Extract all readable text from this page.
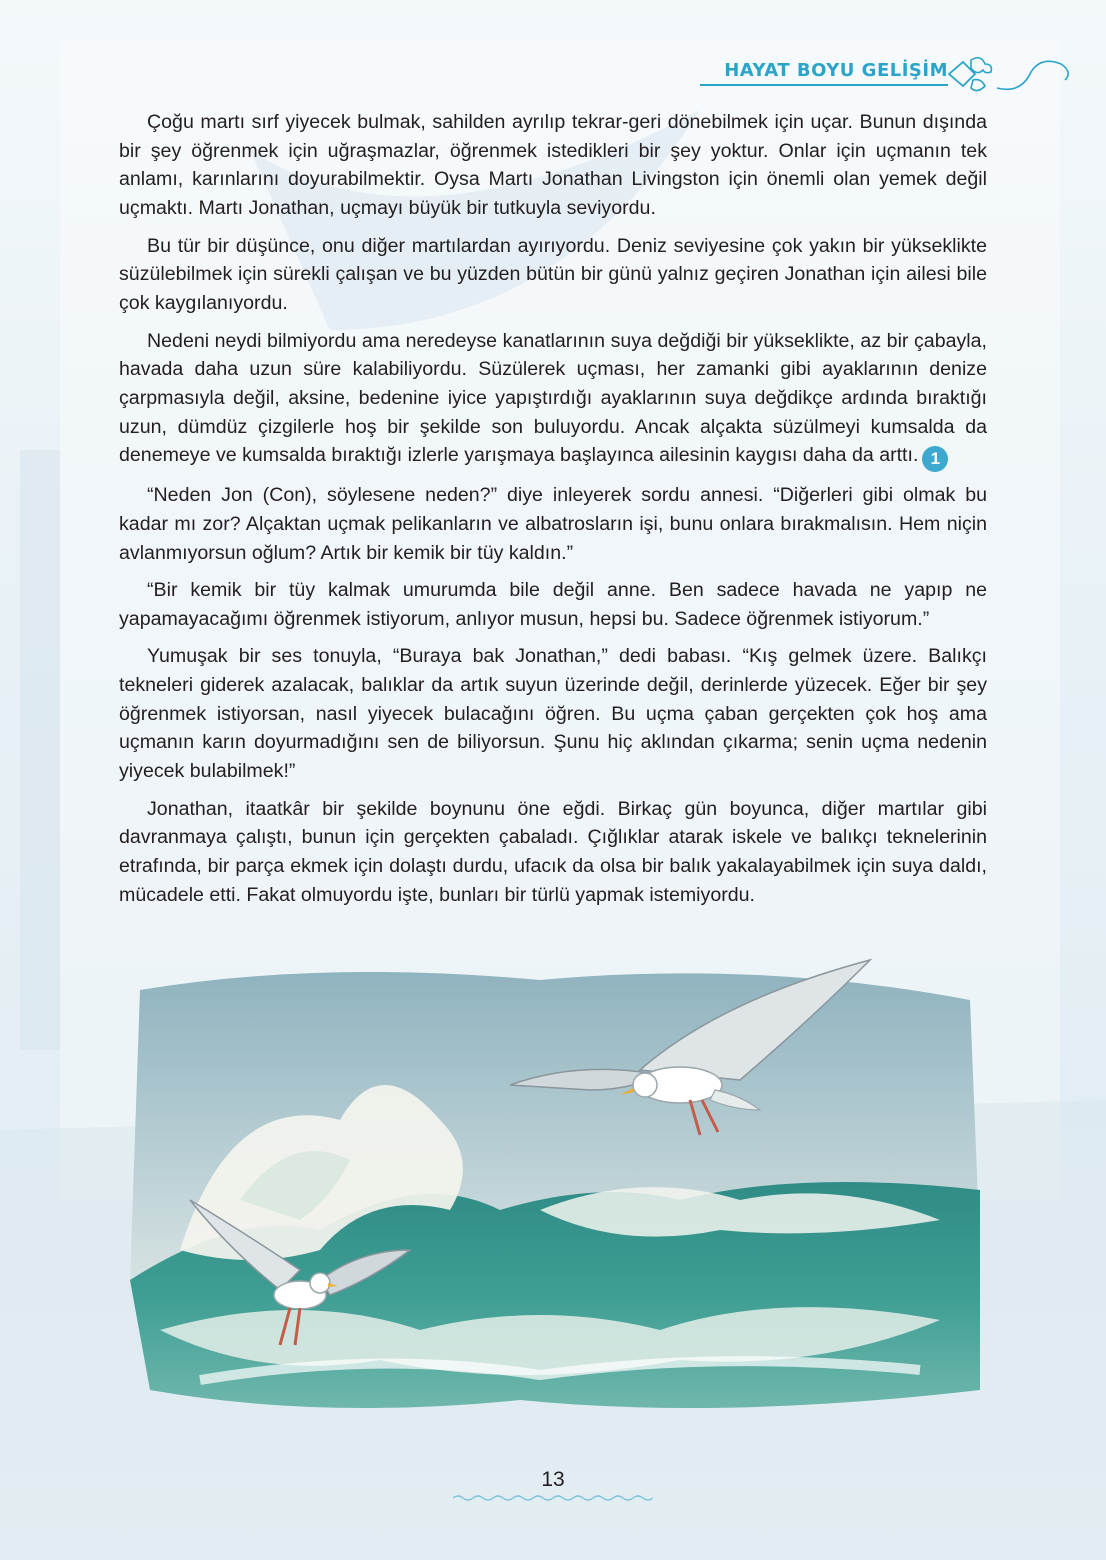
HAYAT BOYU GELİŞİM

Çoğu martı sırf yiyecek bulmak, sahilden ayrılıp tekrar-geri dönebilmek için uçar. Bunun dışında bir şey öğrenmek için uğraşmazlar, öğrenmek istedikleri bir şey yoktur. Onlar için uçmanın tek anlamı, karınlarını doyurabilmektir. Oysa Martı Jonathan Livingston için önemli olan yemek değil uçmaktı. Martı Jonathan, uçmayı büyük bir tutkuyla seviyordu.

Bu tür bir düşünce, onu diğer martılardan ayırıyordu. Deniz seviyesine çok yakın bir yükseklikte süzülebilmek için sürekli çalışan ve bu yüzden bütün bir günü yalnız geçiren Jonathan için ailesi bile çok kaygılanıyordu.

Nedeni neydi bilmiyordu ama neredeyse kanatlarının suya değdiği bir yükseklikte, az bir çabayla, havada daha uzun süre kalabiliyordu. Süzülerek uçması, her zamanki gibi ayaklarının denize çarpmasıyla değil, aksine, bedenine iyice yapıştırdığı ayaklarının suya değdikçe ardında bıraktığı uzun, dümdüz çizgilerle hoş bir şekilde son buluyordu. Ancak alçakta süzülmeyi kumsalda da denemeye ve kumsalda bıraktığı izlerle yarışmaya başlayınca ailesinin kaygısı daha da arttı. 1

“Neden Jon (Con), söylesene neden?” diye inleyerek sordu annesi. “Diğerleri gibi olmak bu kadar mı zor? Alçaktan uçmak pelikanların ve albatrosların işi, bunu onlara bırakmalısın. Hem niçin avlanmıyorsun oğlum? Artık bir kemik bir tüy kaldın.”

“Bir kemik bir tüy kalmak umurumda bile değil anne. Ben sadece havada ne yapıp ne yapamayacağımı öğrenmek istiyorum, anlıyor musun, hepsi bu. Sadece öğrenmek istiyorum.”

Yumuşak bir ses tonuyla, “Buraya bak Jonathan,” dedi babası. “Kış gelmek üzere. Balıkçı tekneleri giderek azalacak, balıklar da artık suyun üzerinde değil, derinlerde yüzecek. Eğer bir şey öğrenmek istiyorsan, nasıl yiyecek bulacağını öğren. Bu uçma çaban gerçekten çok hoş ama uçmanın karın doyurmadığını sen de biliyorsun. Şunu hiç aklından çıkarma; senin uçma nedenin yiyecek bulabilmek!”

Jonathan, itaatkâr bir şekilde boynunu öne eğdi. Birkaç gün boyunca, diğer martılar gibi davranmaya çalıştı, bunun için gerçekten çabaladı. Çığlıklar atarak iskele ve balıkçı teknelerinin etrafında, bir parça ekmek için dolaştı durdu, ufacık da olsa bir balık yakalayabilmek için suya daldı, mücadele etti. Fakat olmuyordu işte, bunları bir türlü yapmak istemiyordu.

13
